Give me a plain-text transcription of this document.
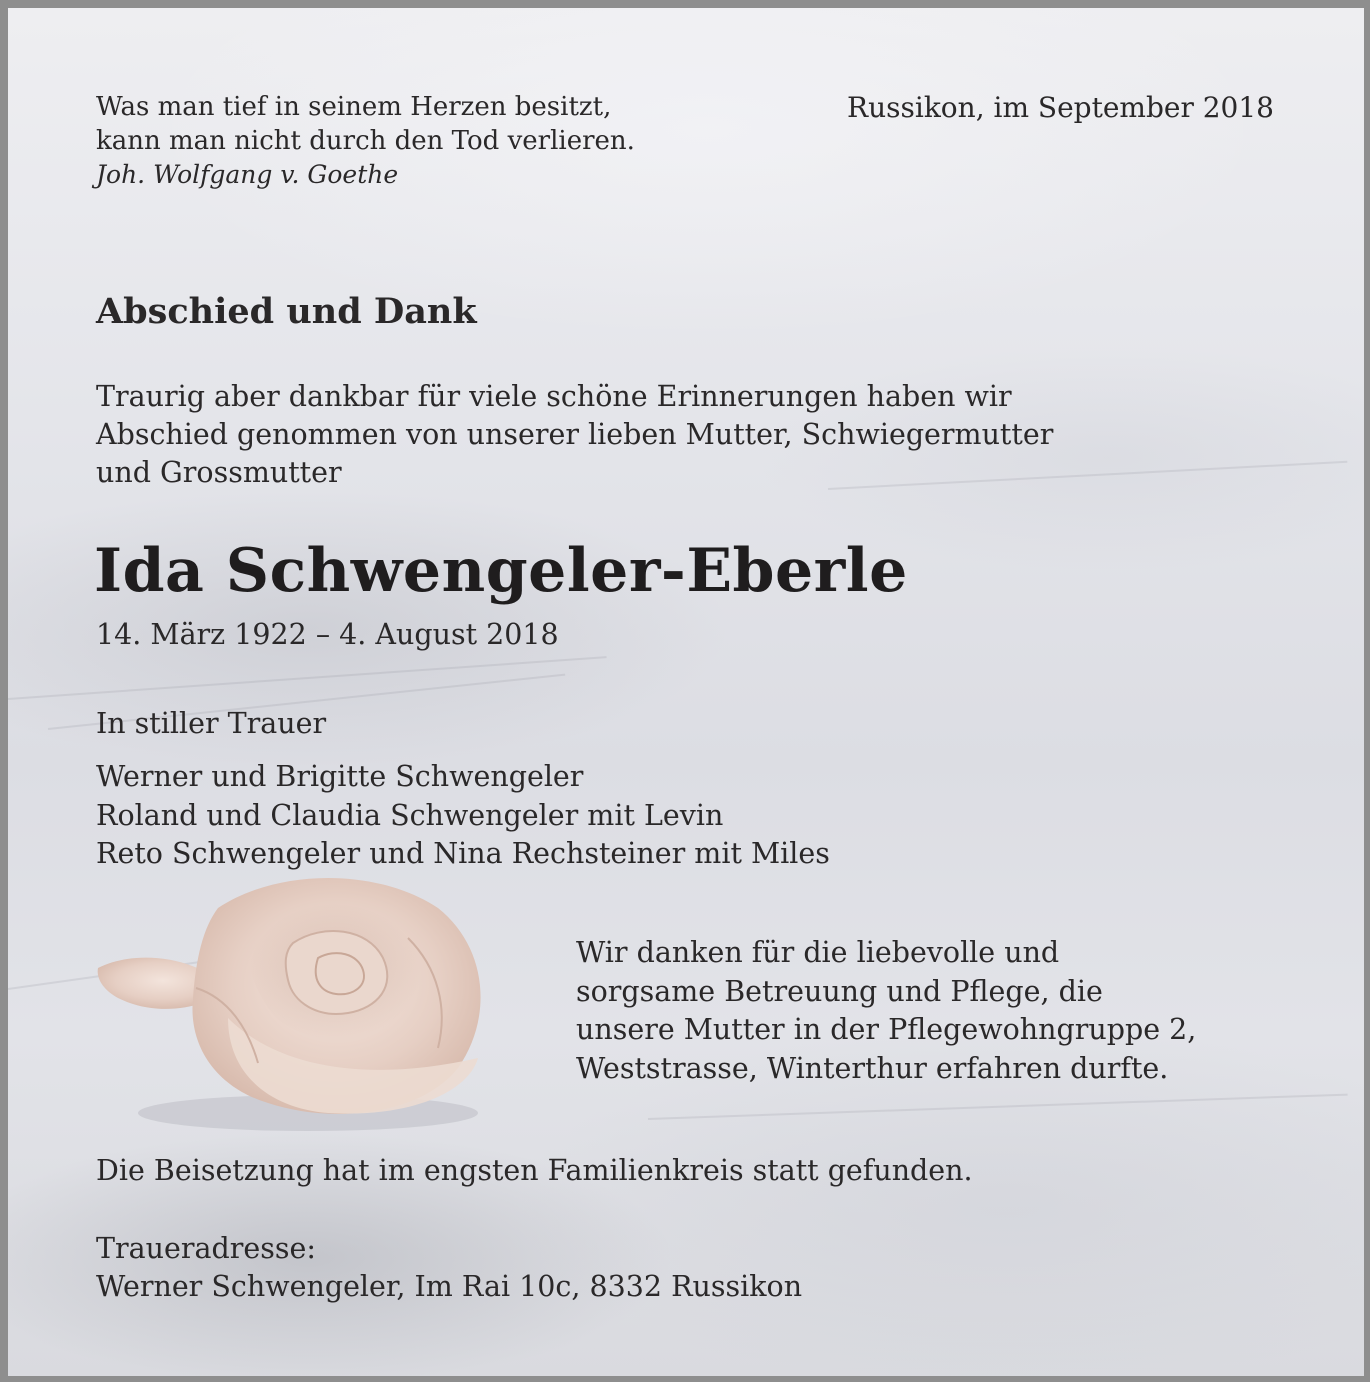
Was man tief in seinem Herzen besitzt,
kann man nicht durch den Tod verlieren.
Joh. Wolfgang v. Goethe
Russikon, im September 2018
Abschied und Dank
Traurig aber dankbar für viele schöne Erinnerungen haben wir
Abschied genommen von unserer lieben Mutter, Schwiegermutter
und Grossmutter
Ida Schwengeler-Eberle
14. März 1922 – 4. August 2018
In stiller Trauer
Werner und Brigitte Schwengeler
Roland und Claudia Schwengeler mit Levin
Reto Schwengeler und Nina Rechsteiner mit Miles
Wir danken für die liebevolle und
sorgsame Betreuung und Pflege, die
unsere Mutter in der Pflegewohngruppe 2,
Weststrasse, Winterthur erfahren durfte.
Die Beisetzung hat im engsten Familienkreis statt gefunden.
Traueradresse:
Werner Schwengeler, Im Rai 10c, 8332 Russikon
